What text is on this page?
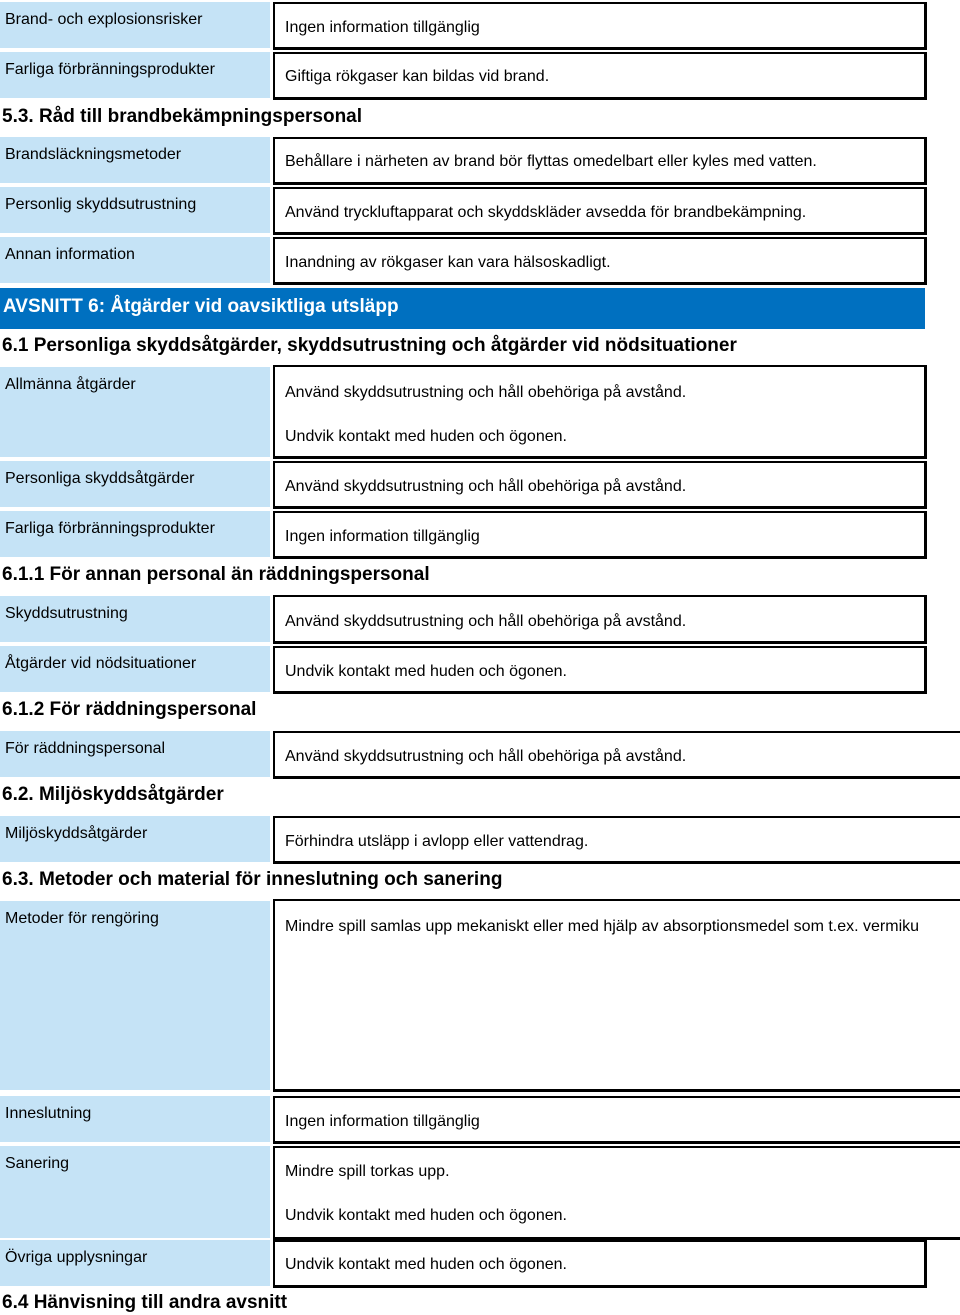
Brand- och explosionsrisker	Ingen information tillgänglig
Farliga förbränningsprodukter	Giftiga rökgaser kan bildas vid brand.
5.3. Råd till brandbekämpningspersonal
Brandsläckningsmetoder	Behållare i närheten av brand bör flyttas omedelbart eller kyles med vatten.
Personlig skyddsutrustning	Använd tryckluftapparat och skyddskläder avsedda för brandbekämpning.
Annan information	Inandning av rökgaser kan vara hälsoskadligt.
AVSNITT 6: Åtgärder vid oavsiktliga utsläpp
6.1 Personliga skyddsåtgärder, skyddsutrustning och åtgärder vid nödsituationer
Allmänna åtgärder	Använd skyddsutrustning och håll obehöriga på avstånd.
Undvik kontakt med huden och ögonen.
Personliga skyddsåtgärder	Använd skyddsutrustning och håll obehöriga på avstånd.
Farliga förbränningsprodukter	Ingen information tillgänglig
6.1.1 För annan personal än räddningspersonal
Skyddsutrustning	Använd skyddsutrustning och håll obehöriga på avstånd.
Åtgärder vid nödsituationer	Undvik kontakt med huden och ögonen.
6.1.2 För räddningspersonal
För räddningspersonal	Använd skyddsutrustning och håll obehöriga på avstånd.
6.2. Miljöskyddsåtgärder
Miljöskyddsåtgärder	Förhindra utsläpp i avlopp eller vattendrag.
6.3. Metoder och material för inneslutning och sanering
Metoder för rengöring	Mindre spill samlas upp mekaniskt eller med hjälp av absorptionsmedel som t.ex. vermiku
Inneslutning	Ingen information tillgänglig
Sanering	Mindre spill torkas upp.
Undvik kontakt med huden och ögonen.
Övriga upplysningar	Undvik kontakt med huden och ögonen.
6.4 Hänvisning till andra avsnitt
